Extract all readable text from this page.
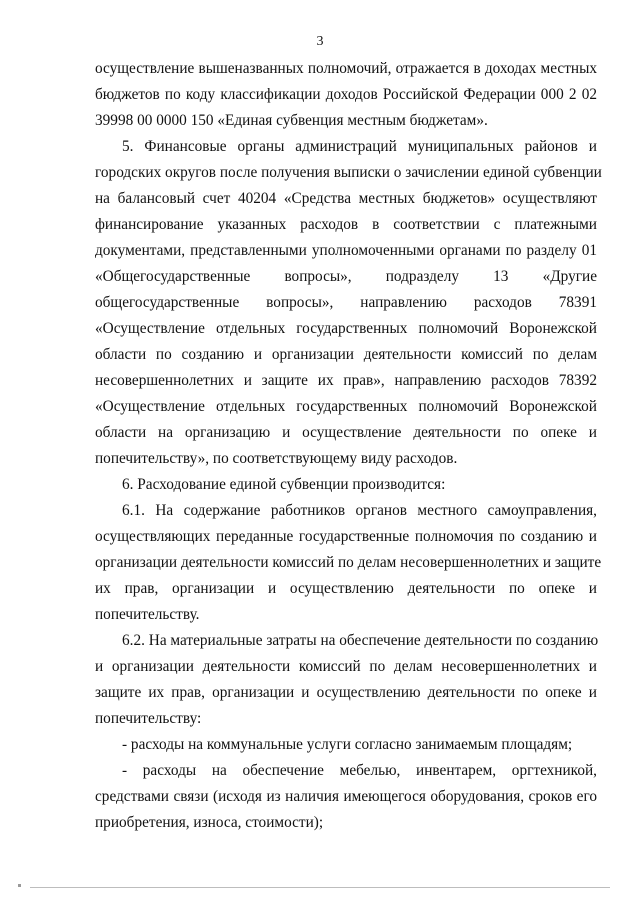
3
осуществление вышеназванных полномочий, отражается в доходах местных
бюджетов по коду классификации доходов Российской Федерации 000 2 02
39998 00 0000 150 «Единая субвенция местным бюджетам».
5. Финансовые органы администраций муниципальных районов и
городских округов после получения выписки о зачислении единой субвенции
на балансовый счет 40204 «Средства местных бюджетов» осуществляют
финансирование указанных расходов в соответствии с платежными
документами, представленными уполномоченными органами по разделу 01
«Общегосударственные вопросы», подразделу 13 «Другие
общегосударственные вопросы», направлению расходов 78391
«Осуществление отдельных государственных полномочий Воронежской
области по созданию и организации деятельности комиссий по делам
несовершеннолетних и защите их прав», направлению расходов 78392
«Осуществление отдельных государственных полномочий Воронежской
области на организацию и осуществление деятельности по опеке и
попечительству», по соответствующему виду расходов.
6. Расходование единой субвенции производится:
6.1. На содержание работников органов местного самоуправления,
осуществляющих переданные государственные полномочия по созданию и
организации деятельности комиссий по делам несовершеннолетних и защите
их прав, организации и осуществлению деятельности по опеке и
попечительству.
6.2. На материальные затраты на обеспечение деятельности по созданию
и организации деятельности комиссий по делам несовершеннолетних и
защите их прав, организации и осуществлению деятельности по опеке и
попечительству:
- расходы на коммунальные услуги согласно занимаемым площадям;
- расходы на обеспечение мебелью, инвентарем, оргтехникой,
средствами связи (исходя из наличия имеющегося оборудования, сроков его
приобретения, износа, стоимости);
